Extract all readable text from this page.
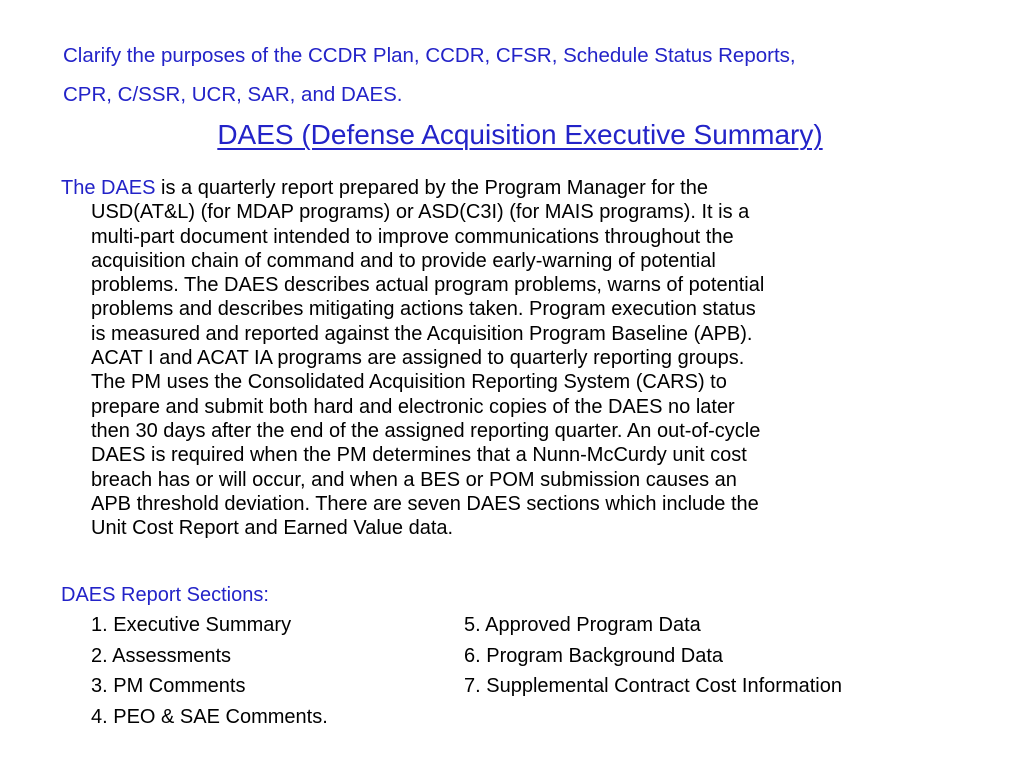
Clarify the purposes of the CCDR Plan, CCDR, CFSR, Schedule Status Reports,
CPR, C/SSR, UCR, SAR, and DAES.
DAES (Defense Acquisition Executive Summary)
The DAES is a quarterly report prepared by the Program Manager for the
USD(AT&L) (for MDAP programs) or ASD(C3I) (for MAIS programs). It is a
multi-part document intended to improve communications throughout the
acquisition chain of command and to provide early-warning of potential
problems. The DAES describes actual program problems, warns of potential
problems and describes mitigating actions taken. Program execution status
is measured and reported against the Acquisition Program Baseline (APB).
ACAT I and ACAT IA programs are assigned to quarterly reporting groups.
The PM uses the Consolidated Acquisition Reporting System (CARS) to
prepare and submit both hard and electronic copies of the DAES no later
then 30 days after the end of the assigned reporting quarter. An out-of-cycle
DAES is required when the PM determines that a Nunn-McCurdy unit cost
breach has or will occur, and when a BES or POM submission causes an
APB threshold deviation. There are seven DAES sections which include the
Unit Cost Report and Earned Value data.
DAES Report Sections:
1. Executive Summary
2. Assessments
3. PM Comments
4. PEO & SAE Comments.
5. Approved Program Data
6. Program Background Data
7. Supplemental Contract Cost Information
